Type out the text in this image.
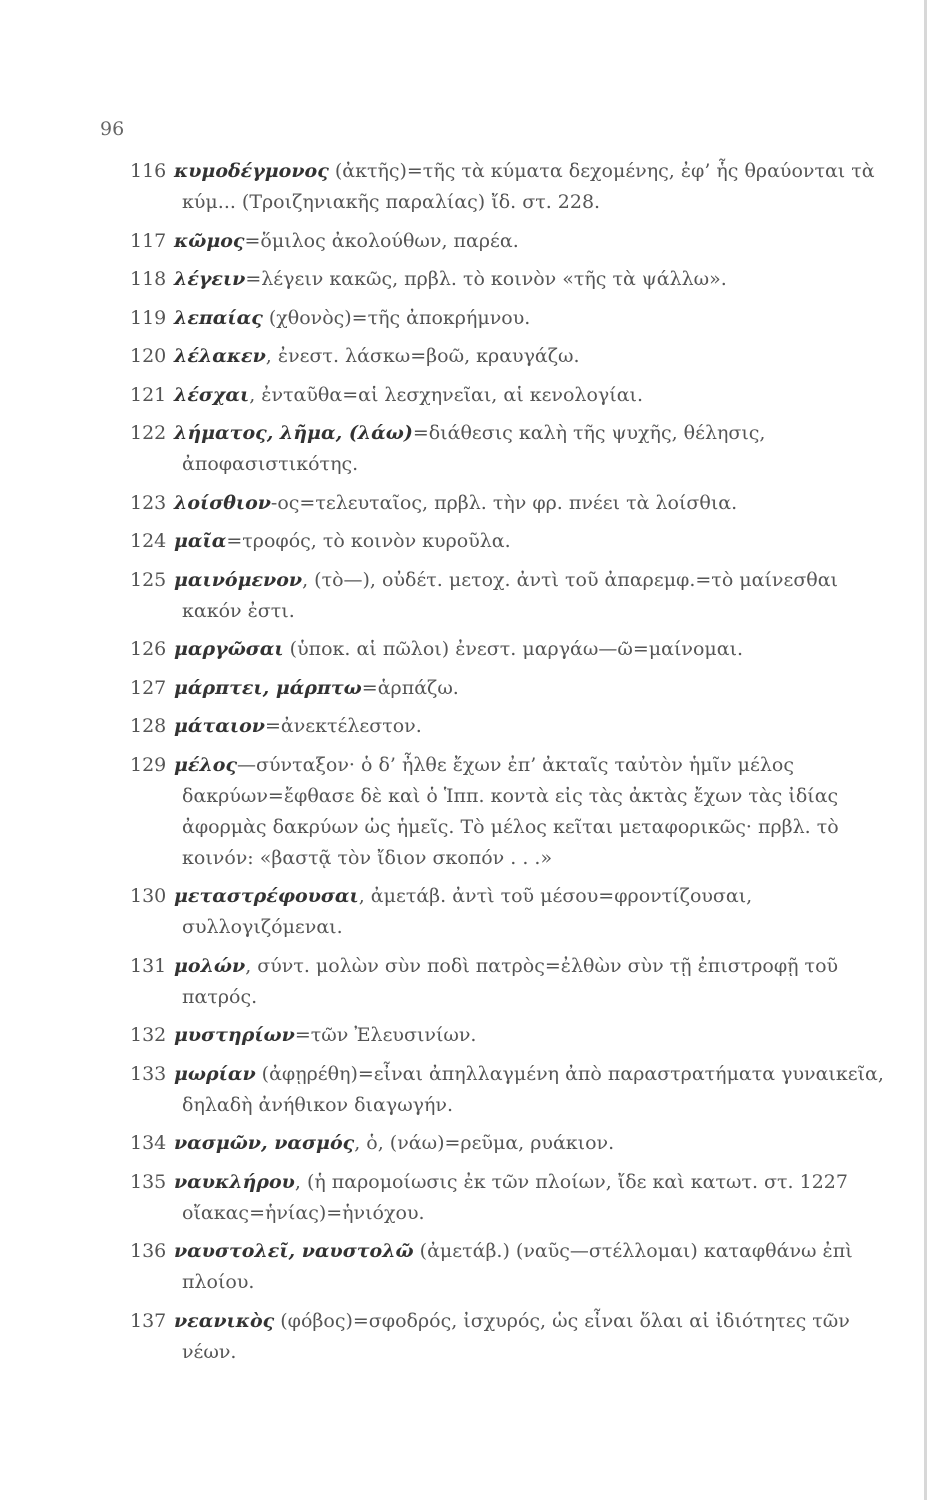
96

116 κυμοδέγμονος (ἀκτῆς)=τῆς τὰ κύματα δεχομένης, ἐφ’ ἧς θραύονται τὰ κύμ... (Τροιζηνιακῆς παραλίας) ἴδ. στ. 228.

117 κῶμος=ὅμιλος ἀκολούθων, παρέα.

118 λέγειν=λέγειν κακῶς, πρβλ. τὸ κοινὸν «τῆς τὰ ψάλλω».

119 λεπαίας (χθονὸς)=τῆς ἀποκρήμνου.

120 λέλακεν, ἐνεστ. λάσκω=βοῶ, κραυγάζω.

121 λέσχαι, ἐνταῦθα=αἱ λεσχηνεῖαι, αἱ κενολογίαι.

122 λήματος, λῆμα, (λάω)=διάθεσις καλὴ τῆς ψυχῆς, θέλησις, ἀποφασιστικότης.

123 λοίσθιον-ος=τελευταῖος, πρβλ. τὴν φρ. πνέει τὰ λοίσθια.

124 μαῖα=τροφός, τὸ κοινὸν κυροῦλα.

125 μαινόμενον, (τὸ—), οὐδέτ. μετοχ. ἀντὶ τοῦ ἀπαρεμφ.=τὸ μαίνεσθαι κακόν ἐστι.

126 μαργῶσαι (ὑποκ. αἱ πῶλοι) ἐνεστ. μαργάω—ῶ=μαίνομαι.

127 μάρπτει, μάρπτω=ἁρπάζω.

128 μάταιον=ἀνεκτέλεστον.

129 μέλος—σύνταξον· ὁ δ’ ἦλθε ἔχων ἐπ’ ἀκταῖς ταὐτὸν ἡμῖν μέλος δακρύων=ἔφθασε δὲ καὶ ὁ Ἱππ. κοντὰ εἰς τὰς ἀκτὰς ἔχων τὰς ἰδίας ἀφορμὰς δακρύων ὡς ἡμεῖς. Τὸ μέλος κεῖται μεταφορικῶς· πρβλ. τὸ κοινόν: «βαστᾷ τὸν ἴδιον σκοπόν . . .»

130 μεταστρέφουσαι, ἀμετάβ. ἀντὶ τοῦ μέσου=φροντίζουσαι, συλλογιζόμεναι.

131 μολών, σύντ. μολὼν σὺν ποδὶ πατρὸς=ἐλθὼν σὺν τῇ ἐπιστροφῇ τοῦ πατρός.

132 μυστηρίων=τῶν Ἐλευσινίων.

133 μωρίαν (ἀφῃρέθη)=εἶναι ἀπηλλαγμένη ἀπὸ παραστρατήματα γυναικεῖα, δηλαδὴ ἀνήθικον διαγωγήν.

134 νασμῶν, νασμός, ὁ, (νάω)=ρεῦμα, ρυάκιον.

135 ναυκλήρου, (ἡ παρομοίωσις ἐκ τῶν πλοίων, ἴδε καὶ κατωτ. στ. 1227 οἴακας=ἡνίας)=ἡνιόχου.

136 ναυστολεῖ, ναυστολῶ (ἀμετάβ.) (ναῦς—στέλλομαι) καταφθάνω ἐπὶ πλοίου.

137 νεανικὸς (φόβος)=σφοδρός, ἰσχυρός, ὡς εἶναι ὅλαι αἱ ἰδιότητες τῶν νέων.
